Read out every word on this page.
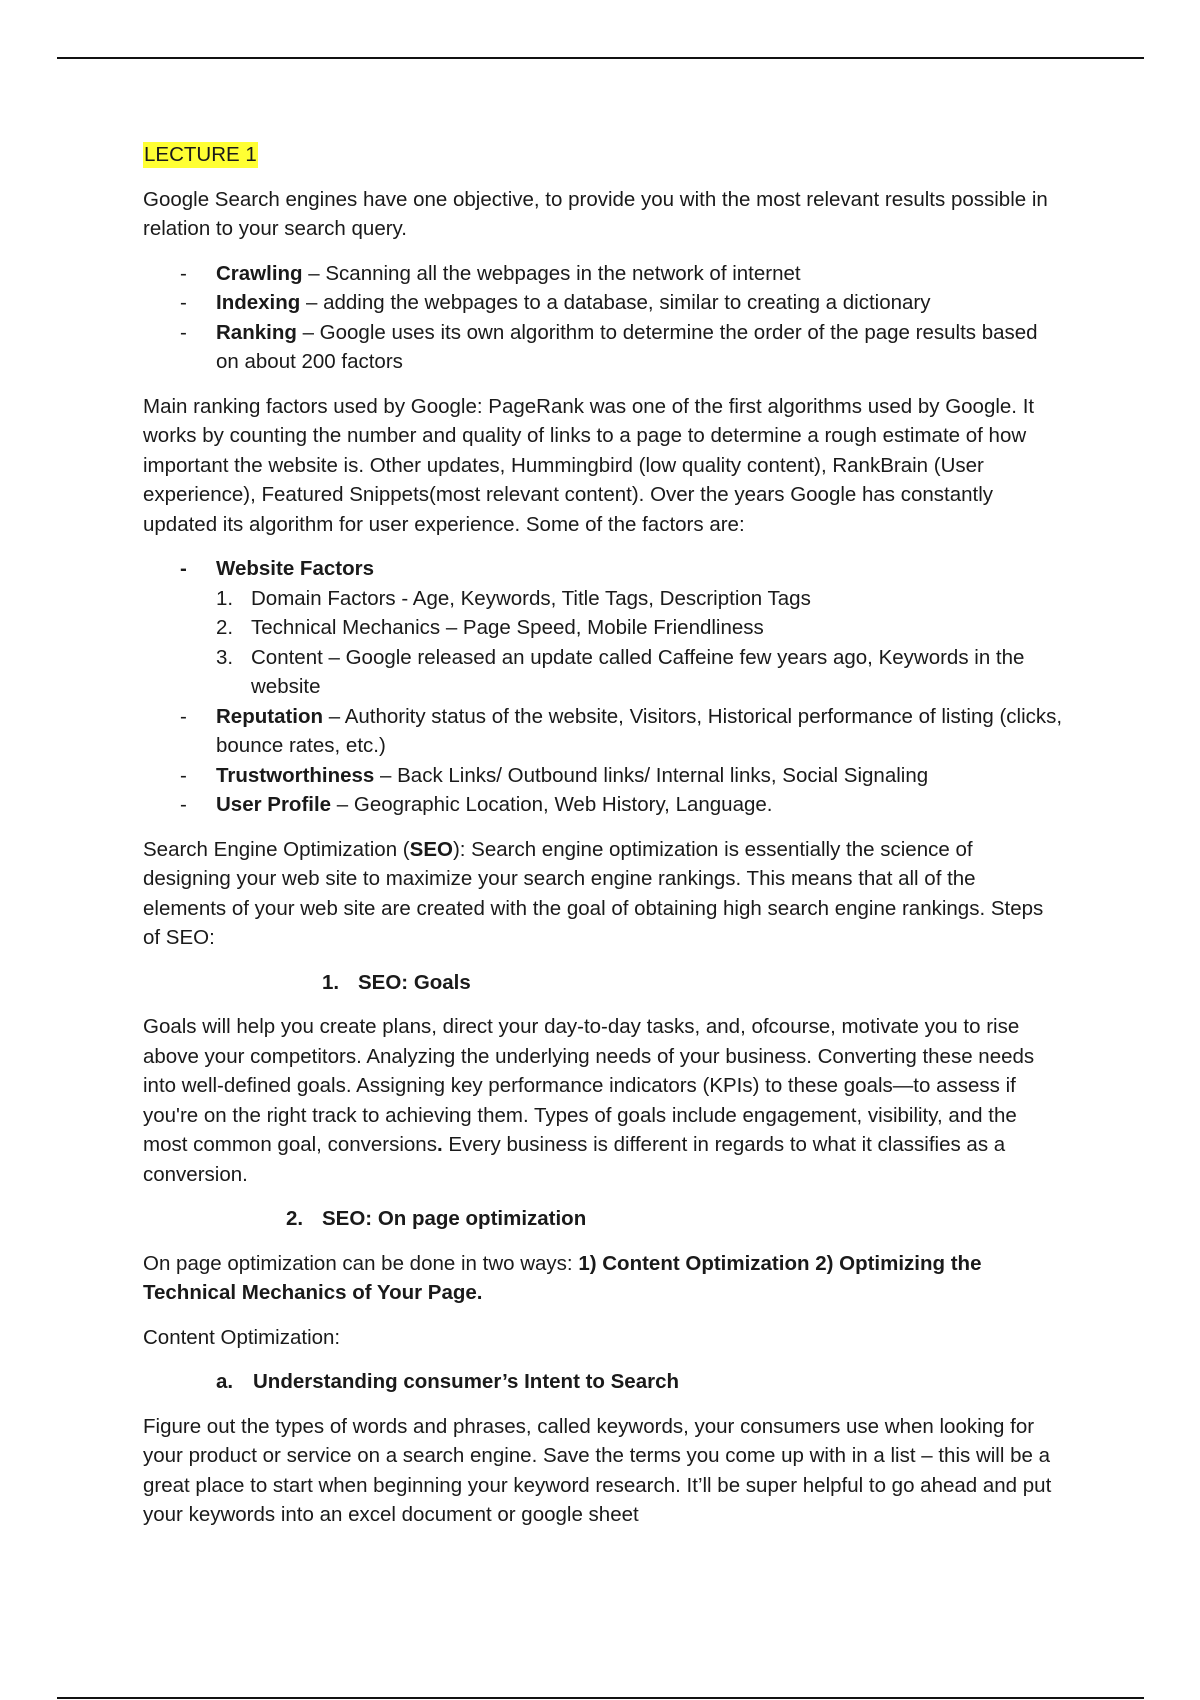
LECTURE 1

Google Search engines have one objective, to provide you with the most relevant results possible in relation to your search query.

- Crawling – Scanning all the webpages in the network of internet
- Indexing – adding the webpages to a database, similar to creating a dictionary
- Ranking – Google uses its own algorithm to determine the order of the page results based on about 200 factors

Main ranking factors used by Google: PageRank was one of the first algorithms used by Google. It works by counting the number and quality of links to a page to determine a rough estimate of how important the website is. Other updates, Hummingbird (low quality content), RankBrain (User experience), Featured Snippets(most relevant content). Over the years Google has constantly updated its algorithm for user experience. Some of the factors are:

- Website Factors
1. Domain Factors - Age, Keywords, Title Tags, Description Tags
2. Technical Mechanics – Page Speed, Mobile Friendliness
3. Content – Google released an update called Caffeine few years ago, Keywords in the website
- Reputation – Authority status of the website, Visitors, Historical performance of listing (clicks, bounce rates, etc.)
- Trustworthiness – Back Links/ Outbound links/ Internal links, Social Signaling
- User Profile – Geographic Location, Web History, Language.

Search Engine Optimization (SEO): Search engine optimization is essentially the science of designing your web site to maximize your search engine rankings. This means that all of the elements of your web site are created with the goal of obtaining high search engine rankings. Steps of SEO:

1. SEO: Goals

Goals will help you create plans, direct your day-to-day tasks, and, ofcourse, motivate you to rise above your competitors. Analyzing the underlying needs of your business. Converting these needs into well-defined goals. Assigning key performance indicators (KPIs) to these goals—to assess if you're on the right track to achieving them. Types of goals include engagement, visibility, and the most common goal, conversions. Every business is different in regards to what it classifies as a conversion.

2. SEO: On page optimization

On page optimization can be done in two ways: 1) Content Optimization 2) Optimizing the Technical Mechanics of Your Page.

Content Optimization:

a. Understanding consumer’s Intent to Search

Figure out the types of words and phrases, called keywords, your consumers use when looking for your product or service on a search engine. Save the terms you come up with in a list – this will be a great place to start when beginning your keyword research. It’ll be super helpful to go ahead and put your keywords into an excel document or google sheet
